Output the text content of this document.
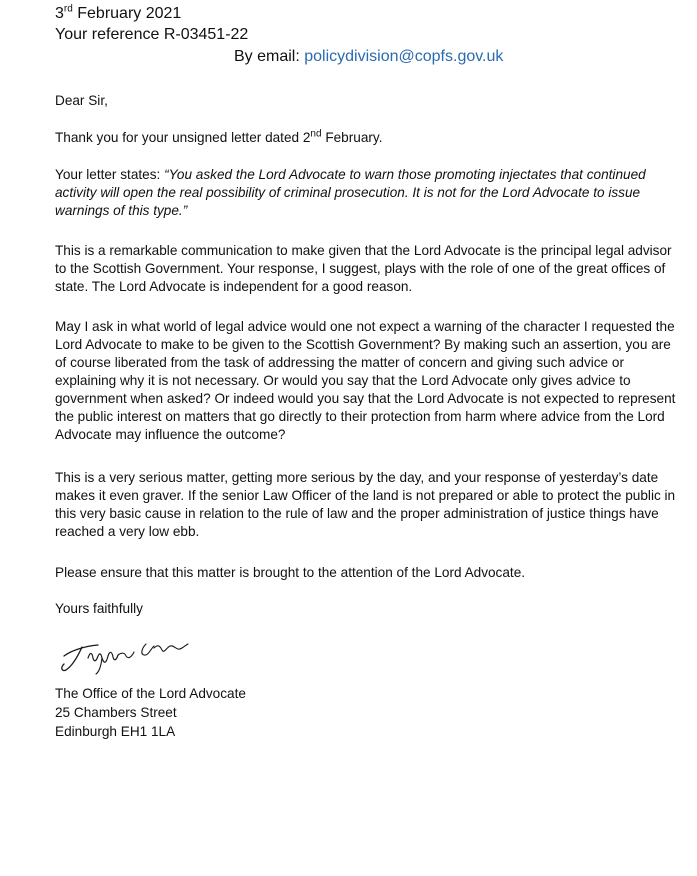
3rd February 2021
Your reference R-03451-22
By email: policydivision@copfs.gov.uk

Dear Sir,

Thank you for your unsigned letter dated 2nd February.

Your letter states: “You asked the Lord Advocate to warn those promoting injectates that continued activity will open the real possibility of criminal prosecution. It is not for the Lord Advocate to issue warnings of this type.”

This is a remarkable communication to make given that the Lord Advocate is the principal legal advisor to the Scottish Government. Your response, I suggest, plays with the role of one of the great offices of state. The Lord Advocate is independent for a good reason.

May I ask in what world of legal advice would one not expect a warning of the character I requested the Lord Advocate to make to be given to the Scottish Government? By making such an assertion, you are of course liberated from the task of addressing the matter of concern and giving such advice or explaining why it is not necessary. Or would you say that the Lord Advocate only gives advice to government when asked? Or indeed would you say that the Lord Advocate is not expected to represent the public interest on matters that go directly to their protection from harm where advice from the Lord Advocate may influence the outcome?

This is a very serious matter, getting more serious by the day, and your response of yesterday’s date makes it even graver. If the senior Law Officer of the land is not prepared or able to protect the public in this very basic cause in relation to the rule of law and the proper administration of justice things have reached a very low ebb.

Please ensure that this matter is brought to the attention of the Lord Advocate.

Yours faithfully

The Office of the Lord Advocate
25 Chambers Street
Edinburgh EH1 1LA
